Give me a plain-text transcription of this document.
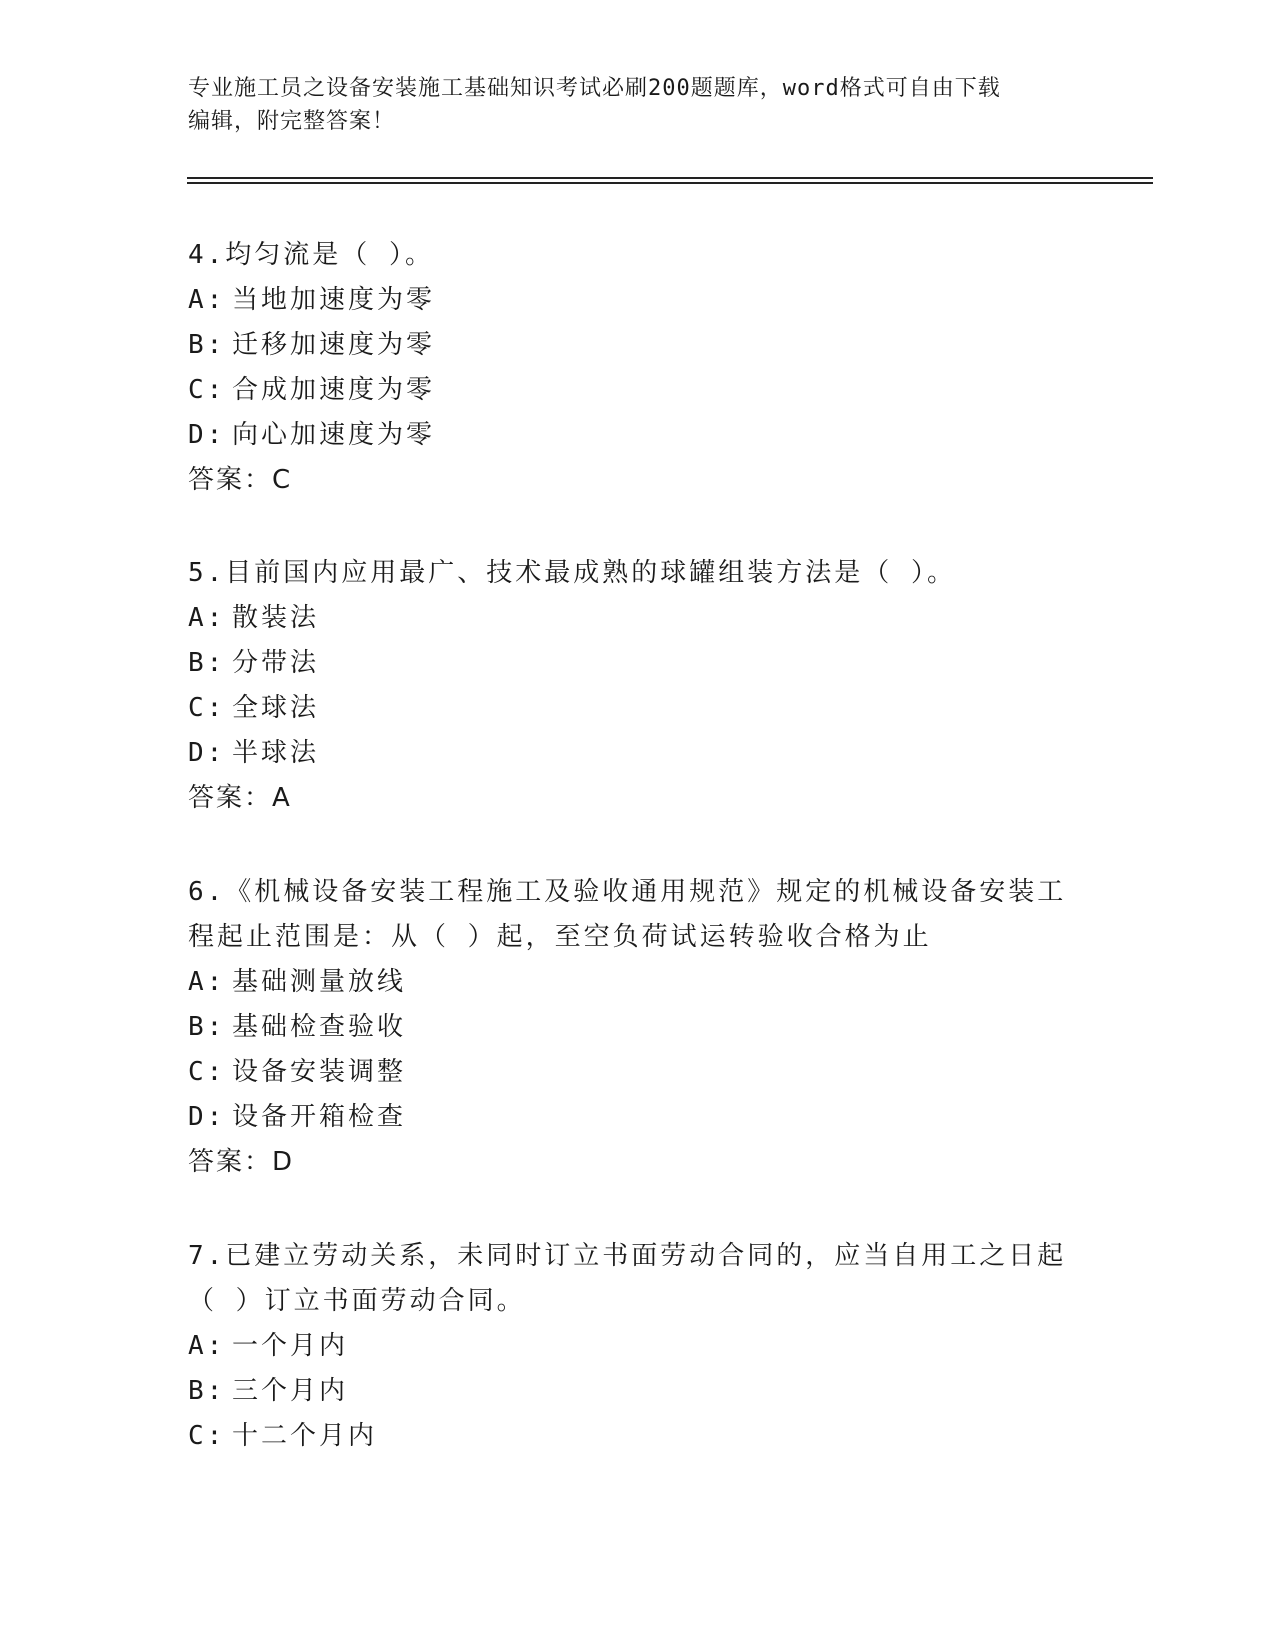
专业施工员之设备安装施工基础知识考试必刷200题题库，word格式可自由下载
编辑，附完整答案！
4.均匀流是（ ）。
A: 当地加速度为零
B: 迁移加速度为零
C: 合成加速度为零
D: 向心加速度为零
答案：C
5.目前国内应用最广、技术最成熟的球罐组装方法是（ ）。
A: 散装法
B: 分带法
C: 全球法
D: 半球法
答案：A
6.《机械设备安装工程施工及验收通用规范》规定的机械设备安装工
程起止范围是：从（ ）起，至空负荷试运转验收合格为止
A: 基础测量放线
B: 基础检查验收
C: 设备安装调整
D: 设备开箱检查
答案：D
7.已建立劳动关系，未同时订立书面劳动合同的，应当自用工之日起
（ ）订立书面劳动合同。
A: 一个月内
B: 三个月内
C: 十二个月内
